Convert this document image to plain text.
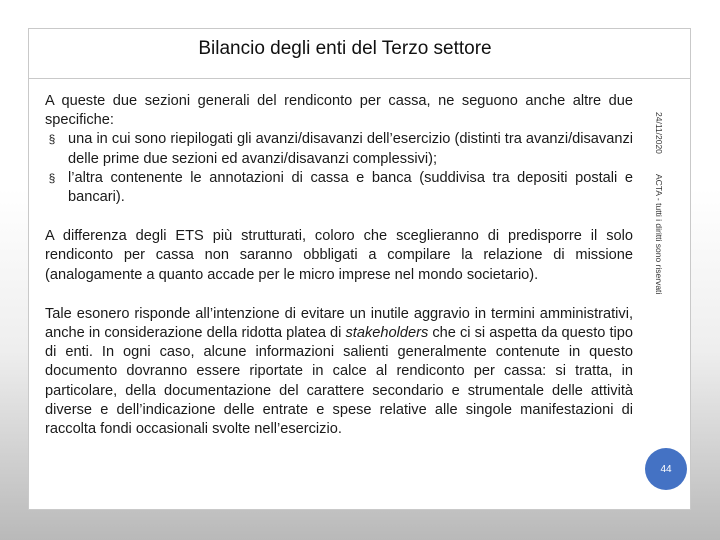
Bilancio degli enti del Terzo settore

A queste due sezioni generali del rendiconto per cassa, ne seguono anche altre due specifiche:

§ una in cui sono riepilogati gli avanzi/disavanzi dell’esercizio (distinti tra avanzi/disavanzi delle prime due sezioni ed avanzi/disavanzi complessivi);
§ l’altra contenente le annotazioni di cassa e banca (suddivisa tra depositi postali e bancari).

A differenza degli ETS più strutturati, coloro che sceglieranno di predisporre il solo rendiconto per cassa non saranno obbligati a compilare la relazione di missione (analogamente a quanto accade per le micro imprese nel mondo societario).

Tale esonero risponde all’intenzione di evitare un inutile aggravio in termini amministrativi, anche in considerazione della ridotta platea di stakeholders che ci si aspetta da questo tipo di enti. In ogni caso, alcune informazioni salienti generalmente contenute in questo documento dovranno essere riportate in calce al rendiconto per cassa: si tratta, in particolare, della documentazione del carattere secondario e strumentale delle attività diverse e dell’indicazione delle entrate e spese relative alle singole manifestazioni di raccolta fondi occasionali svolte nell’esercizio.

24/11/2020 ACTA - tutti i diritti sono riservati
44
